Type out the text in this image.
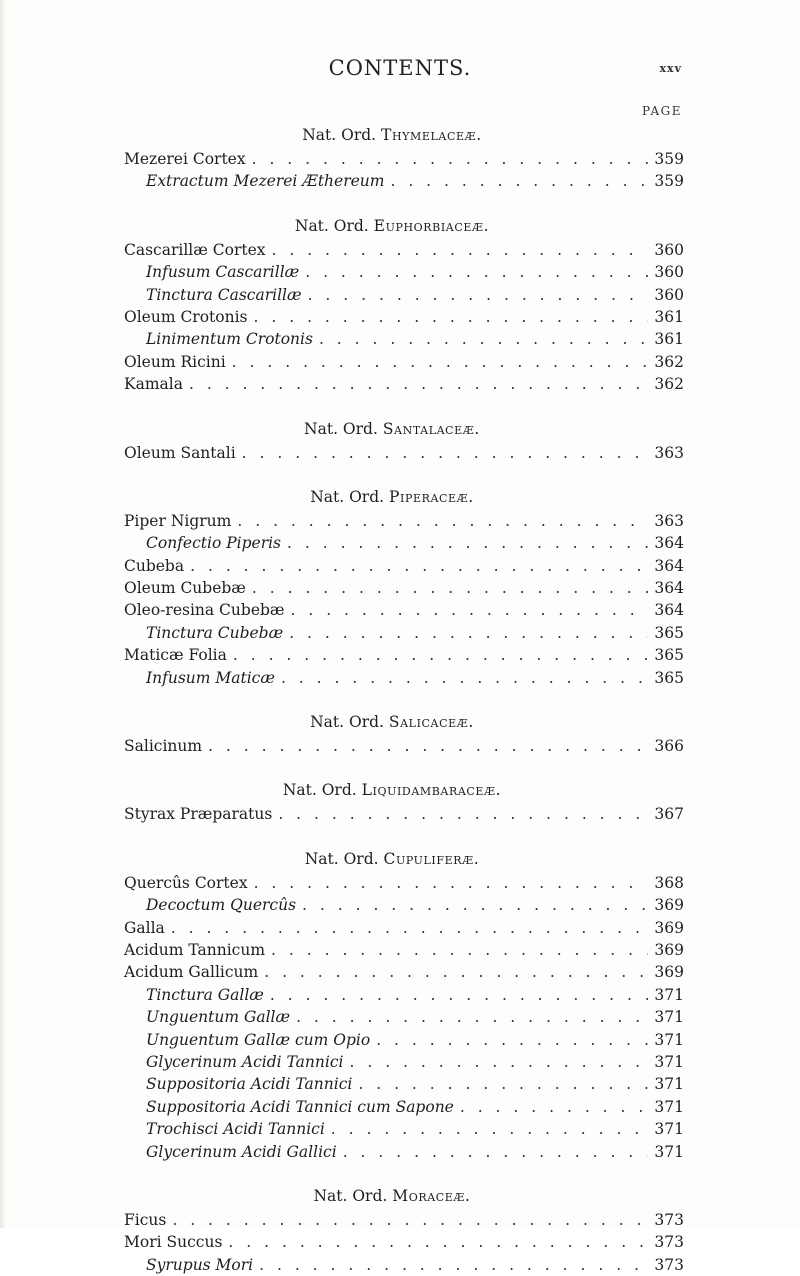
CONTENTS.	xxv
PAGE
Nat. Ord. Thymelaceæ.
Mezerei Cortex . . .	359
Extractum Mezerei Æthereum . . .	359
Nat. Ord. Euphorbiaceæ.
Cascarillæ Cortex . . .	360
Infusum Cascarillæ . . .	360
Tinctura Cascarillæ . . .	360
Oleum Crotonis . . .	361
Linimentum Crotonis . . .	361
Oleum Ricini . . .	362
Kamala . . .	362
Nat. Ord. Santalaceæ.
Oleum Santali . . .	363
Nat. Ord. Piperaceæ.
Piper Nigrum . . .	363
Confectio Piperis . . .	364
Cubeba . . .	364
Oleum Cubebæ . . .	364
Oleo-resina Cubebæ . . .	364
Tinctura Cubebæ . . .	365
Maticæ Folia . . .	365
Infusum Maticæ . . .	365
Nat. Ord. Salicaceæ.
Salicinum . . .	366
Nat. Ord. Liquidambaraceæ.
Styrax Præparatus . . .	367
Nat. Ord. Cupuliferæ.
Quercûs Cortex . . .	368
Decoctum Quercûs . . .	369
Galla . . .	369
Acidum Tannicum . . .	369
Acidum Gallicum . . .	369
Tinctura Gallæ . . .	371
Unguentum Gallæ . . .	371
Unguentum Gallæ cum Opio . . .	371
Glycerinum Acidi Tannici . . .	371
Suppositoria Acidi Tannici . . .	371
Suppositoria Acidi Tannici cum Sapone . . .	371
Trochisci Acidi Tannici . . .	371
Glycerinum Acidi Gallici . . .	371
Nat. Ord. Moraceæ.
Ficus . . .	373
Mori Succus . . .	373
Syrupus Mori . . .	373
